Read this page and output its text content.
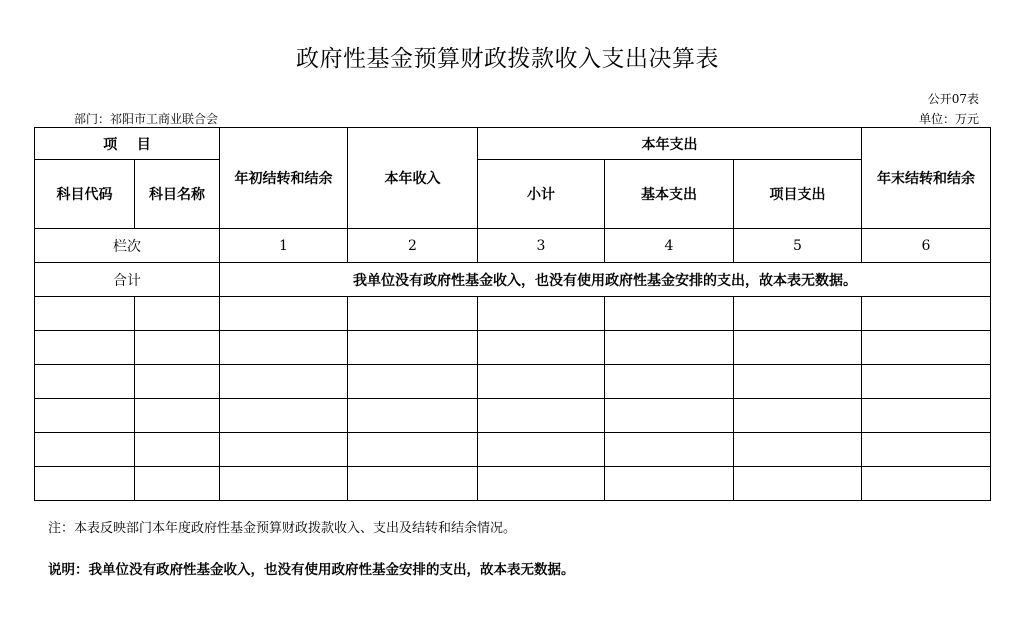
政府性基金预算财政拨款收入支出决算表
公开07表
部门：祁阳市工商业联合会	单位：万元
项    目		年初结转和结余	本年收入	本年支出			年末结转和结余
科目代码	科目名称			小计	基本支出	项目支出	
栏次		1	2	3	4	5	6
合计		我单位没有政府性基金收入，也没有使用政府性基金安排的支出，故本表无数据。					

注：本表反映部门本年度政府性基金预算财政拨款收入、支出及结转和结余情况。
说明：我单位没有政府性基金收入，也没有使用政府性基金安排的支出，故本表无数据。
